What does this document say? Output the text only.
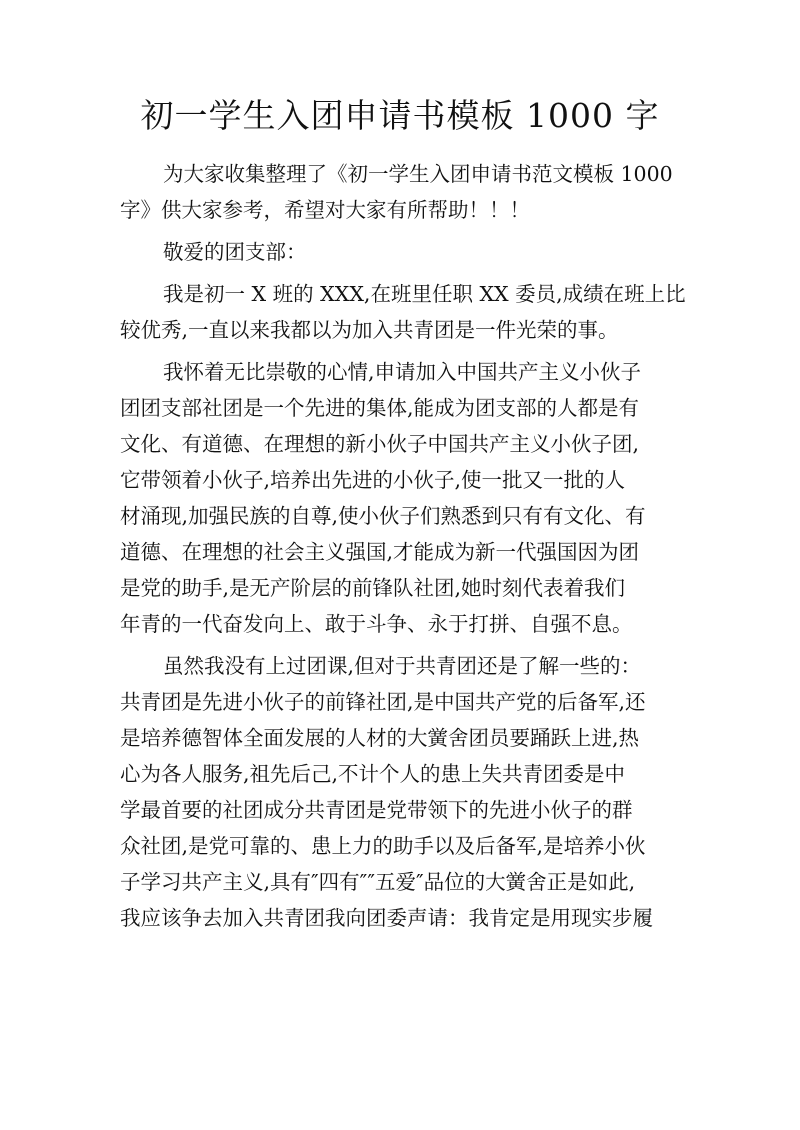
初一学生入团申请书模板 1000 字
为大家收集整理了《初一学生入团申请书范文模板 1000
字》供大家参考，希望对大家有所帮助！！！
敬爱的团支部：
我是初一 X 班的 XXX,在班里任职 XX 委员,成绩在班上比
较优秀,一直以来我都以为加入共青团是一件光荣的事。
我怀着无比崇敬的心情,申请加入中国共产主义小伙子
团团支部社团是一个先进的集体,能成为团支部的人都是有
文化、有道德、在理想的新小伙子中国共产主义小伙子团,
它带领着小伙子,培养出先进的小伙子,使一批又一批的人
材涌现,加强民族的自尊,使小伙子们熟悉到只有有文化、有
道德、在理想的社会主义强国,才能成为新一代强国因为团
是党的助手,是无产阶层的前锋队社团,她时刻代表着我们
年青的一代奋发向上、敢于斗争、永于打拼、自强不息。
虽然我没有上过团课,但对于共青团还是了解一些的：
共青团是先进小伙子的前锋社团,是中国共产党的后备军,还
是培养德智体全面发展的人材的大黉舍团员要踊跃上进,热
心为各人服务,祖先后己,不计个人的患上失共青团委是中
学最首要的社团成分共青团是党带领下的先进小伙子的群
众社团,是党可靠的、患上力的助手以及后备军,是培养小伙
子学习共产主义,具有″四有″″五爱″品位的大黉舍正是如此,
我应该争去加入共青团我向团委声请：我肯定是用现实步履
